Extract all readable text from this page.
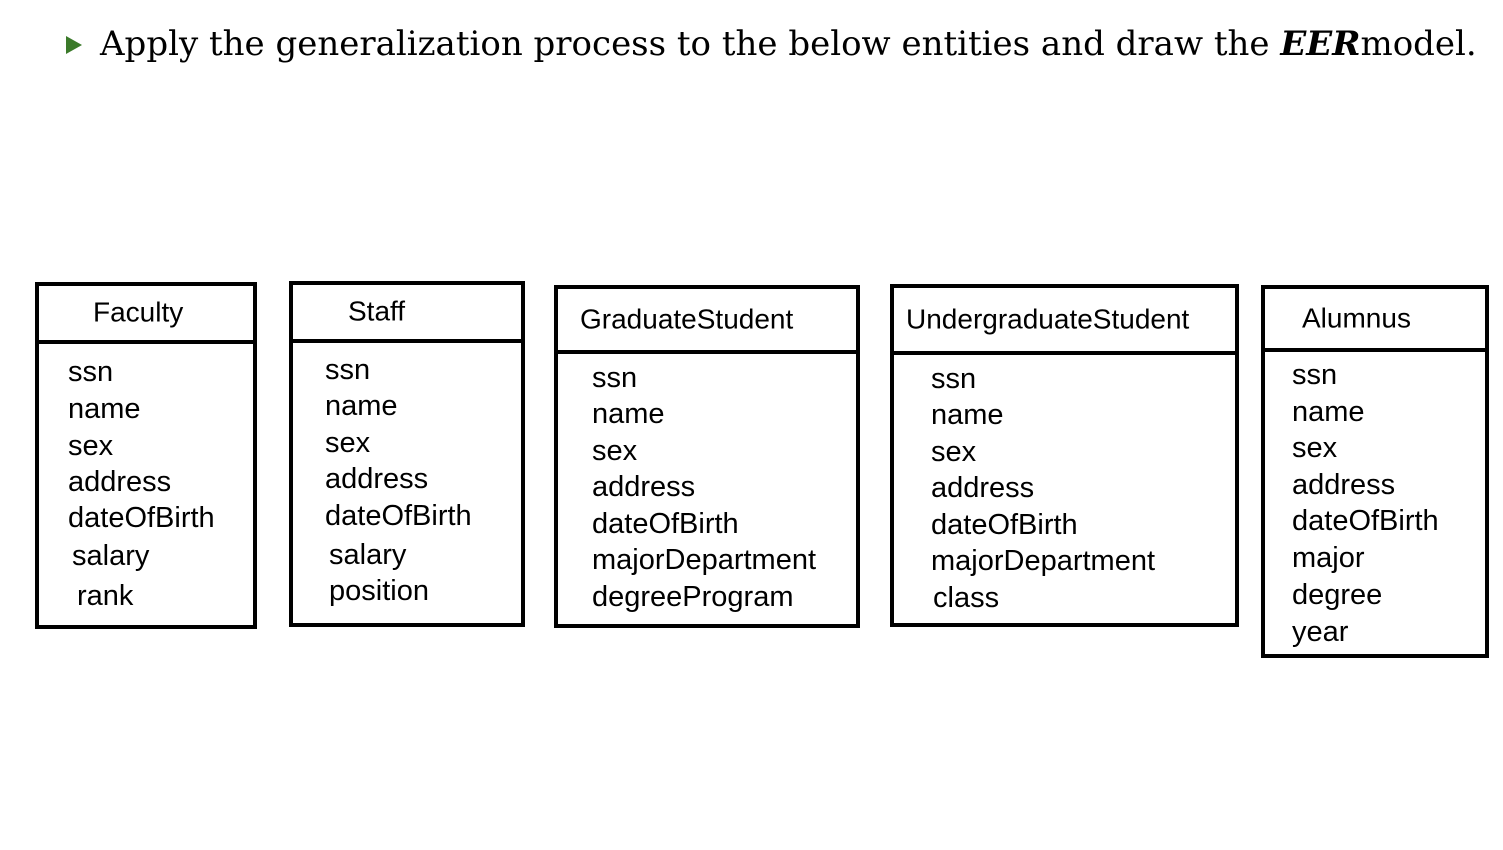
Apply the generalization process to the below entities and draw the
EER model.
Faculty
ssn
name
sex
address
dateOfBirth
salary
rank
Staff
ssn
name
sex
address
dateOfBirth
salary
position
GraduateStudent
ssn
name
sex
address
dateOfBirth
majorDepartment
degreeProgram
UndergraduateStudent
ssn
name
sex
address
dateOfBirth
majorDepartment
class
Alumnus
ssn
name
sex
address
dateOfBirth
major
degree
year
